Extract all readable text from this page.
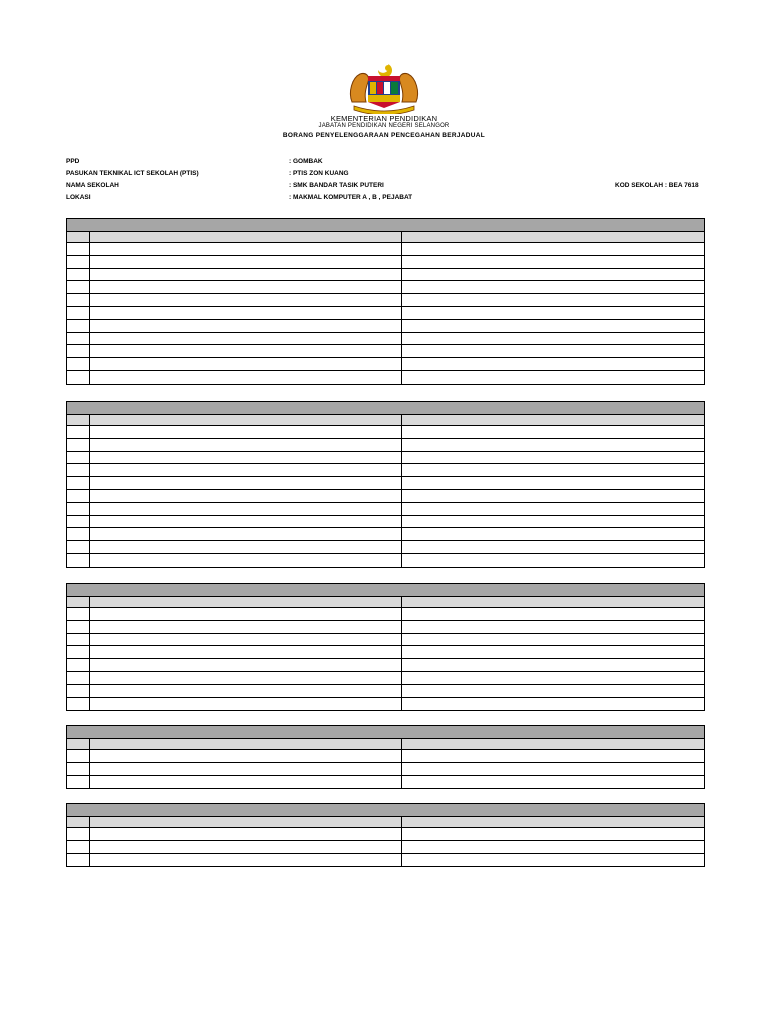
KEMENTERIAN PENDIDIKAN
JABATAN PENDIDIKAN NEGERI SELANGOR
BORANG PENYELENGGARAAN PENCEGAHAN BERJADUAL
PPD	: GOMBAK
PASUKAN TEKNIKAL ICT SEKOLAH (PTIS)	: PTIS ZON KUANG
NAMA SEKOLAH	: SMK BANDAR TASIK PUTERI	KOD SEKOLAH : BEA 7618
LOKASI	: MAKMAL KOMPUTER A , B , PEJABAT
